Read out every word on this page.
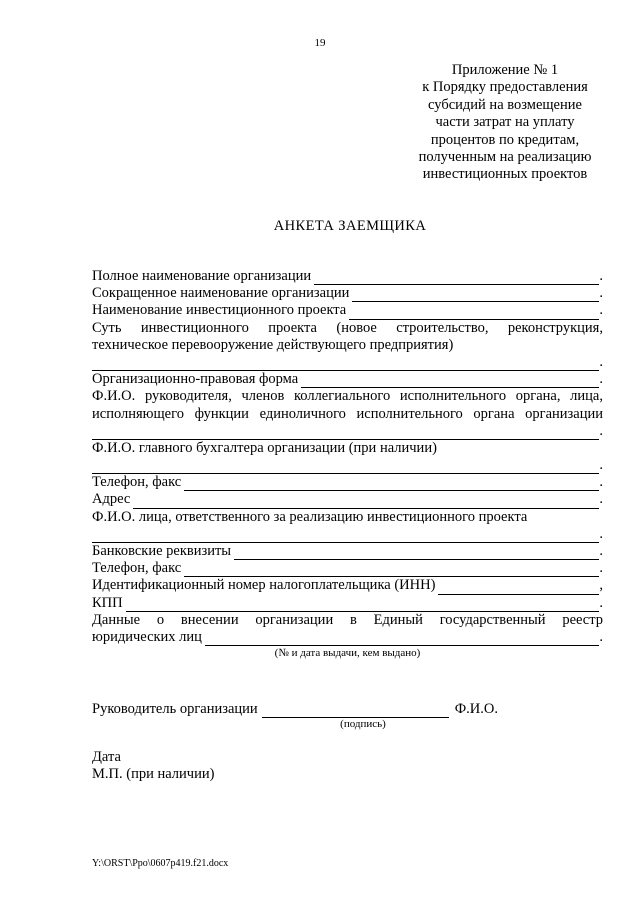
19
Приложение № 1
к Порядку предоставления
субсидий на возмещение
части затрат на уплату
процентов по кредитам,
полученным на реализацию
инвестиционных проектов
АНКЕТА ЗАЕМЩИКА
Полное наименование организации	.
Сокращенное наименование организации	.
Наименование инвестиционного проекта	.
Суть инвестиционного проекта (новое строительство, реконструкция,
техническое перевооружение действующего предприятия)
.
Организационно-правовая форма	.
Ф.И.О. руководителя, членов коллегиального исполнительного органа, лица,
исполняющего функции единоличного исполнительного органа организации
.
Ф.И.О. главного бухгалтера организации (при наличии)
.
Телефон, факс	.
Адрес	.
Ф.И.О. лица, ответственного за реализацию инвестиционного проекта
.
Банковские реквизиты	.
Телефон, факс	.
Идентификационный номер налогоплательщика (ИНН)	,
КПП	.
Данные о внесении организации в Единый государственный реестр
юридических лиц	.
(№ и дата выдачи, кем выдано)
Руководитель организации	Ф.И.О.
(подпись)
Дата
М.П. (при наличии)
Y:\ORST\Ppo\0607p419.f21.docx
